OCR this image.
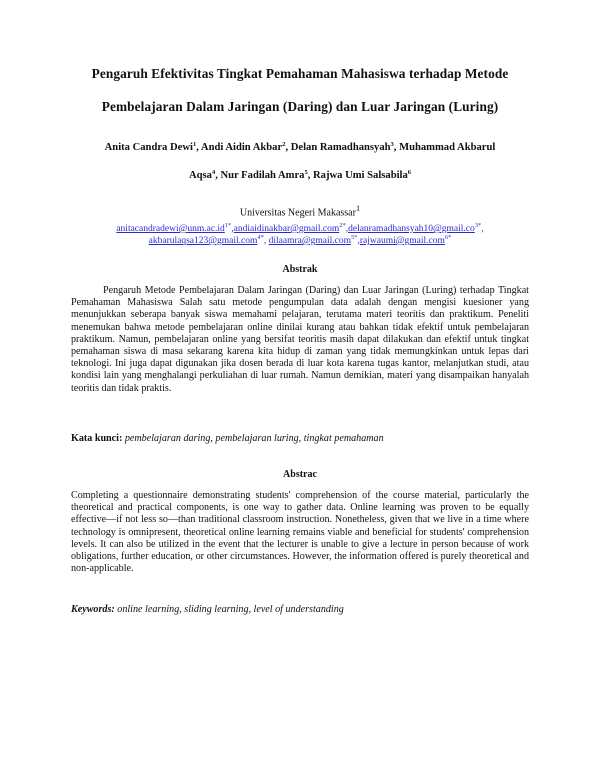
Pengaruh Efektivitas Tingkat Pemahaman Mahasiswa terhadap Metode
Pembelajaran Dalam Jaringan (Daring) dan Luar Jaringan (Luring)
Anita Candra Dewi$^1$, Andi Aidin Akbar$^2$, Delan Ramadhansyah$^3$, Muhammad Akbarul
Aqsa$^4$, Nur Fadilah Amra$^5$, Rajwa Umi Salsabila$^6$
Universitas Negeri Makassar$^1$
$anitacandradewi@unm.ac.id^{1*},andiaidinakbar@gmail.com^{2*},delanramadhansyah10@gmail.co^{3*}$,
akbarulaqsa123@gmail.com$^{4*}$, dilaamra@gmail.com$^{5*}$,rajwaumi@gmail.com$^{6*}$
Abstrak

Pengaruh Metode Pembelajaran Dalam Jaringan (Daring) dan Luar Jaringan (Luring) terhadap Tingkat Pemahaman Mahasiswa Salah satu metode pengumpulan data adalah dengan mengisi kuesioner yang menunjukkan seberapa banyak siswa memahami pelajaran, terutama materi teoritis dan praktikum. Peneliti menemukan bahwa metode pembelajaran online dinilai kurang atau bahkan tidak efektif untuk pembelajaran praktikum. Namun, pembelajaran online yang bersifat teoritis masih dapat dilakukan dan efektif untuk tingkat pemahaman siswa di masa sekarang karena kita hidup di zaman yang tidak memungkinkan untuk lepas dari teknologi. Ini juga dapat digunakan jika dosen berada di luar kota karena tugas kantor, melanjutkan studi, atau kondisi lain yang menghalangi perkuliahan di luar rumah. Namun demikian, materi yang disampaikan hanyalah teoritis dan tidak praktis.

Kata kunci: pembelajaran daring, pembelajaran luring, tingkat pemahaman
Abstrac

Completing a questionnaire demonstrating students' comprehension of the course material, particularly the theoretical and practical components, is one way to gather data. Online learning was proven to be equally effective—if not less so—than traditional classroom instruction. Nonetheless, given that we live in a time where technology is omnipresent, theoretical online learning remains viable and beneficial for students' comprehension levels. It can also be utilized in the event that the lecturer is unable to give a lecture in person because of work obligations, further education, or other circumstances. However, the information offered is purely theoretical and non-applicable.

Keywords: online learning, sliding learning, level of understanding
